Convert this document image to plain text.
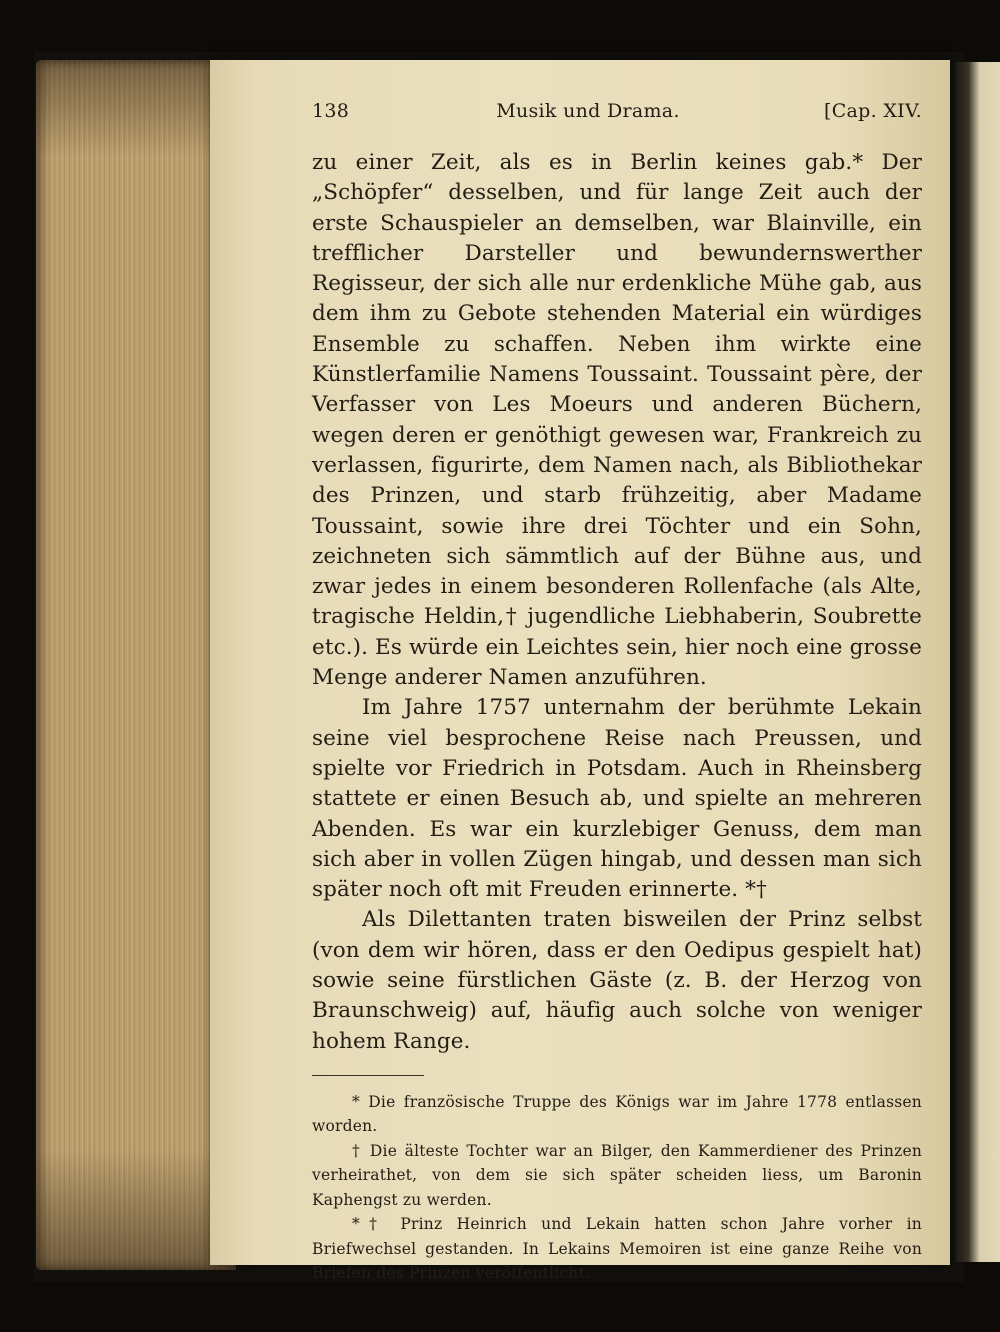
138	Musik und Drama.	[Cap. XIV.

zu einer Zeit, als es in Berlin keines gab.* Der „Schöpfer“ desselben, und für lange Zeit auch der erste Schauspieler an demselben, war Blainville, ein trefflicher Darsteller und bewundernswerther Regisseur, der sich alle nur erdenkliche Mühe gab, aus dem ihm zu Gebote stehenden Material ein würdiges Ensemble zu schaffen. Neben ihm wirkte eine Künstlerfamilie Namens Toussaint. Toussaint père, der Verfasser von Les Moeurs und anderen Büchern, wegen deren er genöthigt gewesen war, Frankreich zu verlassen, figurirte, dem Namen nach, als Bibliothekar des Prinzen, und starb frühzeitig, aber Madame Toussaint, sowie ihre drei Töchter und ein Sohn, zeichneten sich sämmtlich auf der Bühne aus, und zwar jedes in einem besonderen Rollenfache (als Alte, tragische Heldin,† jugendliche Liebhaberin, Soubrette etc.). Es würde ein Leichtes sein, hier noch eine grosse Menge anderer Namen anzuführen.

Im Jahre 1757 unternahm der berühmte Lekain seine viel besprochene Reise nach Preussen, und spielte vor Friedrich in Potsdam. Auch in Rheinsberg stattete er einen Besuch ab, und spielte an mehreren Abenden. Es war ein kurzlebiger Genuss, dem man sich aber in vollen Zügen hingab, und dessen man sich später noch oft mit Freuden erinnerte. *†

Als Dilettanten traten bisweilen der Prinz selbst (von dem wir hören, dass er den Oedipus gespielt hat) sowie seine fürstlichen Gäste (z. B. der Herzog von Braunschweig) auf, häufig auch solche von weniger hohem Range.

* Die französische Truppe des Königs war im Jahre 1778 entlassen worden.

† Die älteste Tochter war an Bilger, den Kammerdiener des Prinzen verheirathet, von dem sie sich später scheiden liess, um Baronin Kaphengst zu werden.

*† Prinz Heinrich und Lekain hatten schon Jahre vorher in Briefwechsel gestanden. In Lekains Memoiren ist eine ganze Reihe von Briefen des Prinzen veröffentlicht.

i
